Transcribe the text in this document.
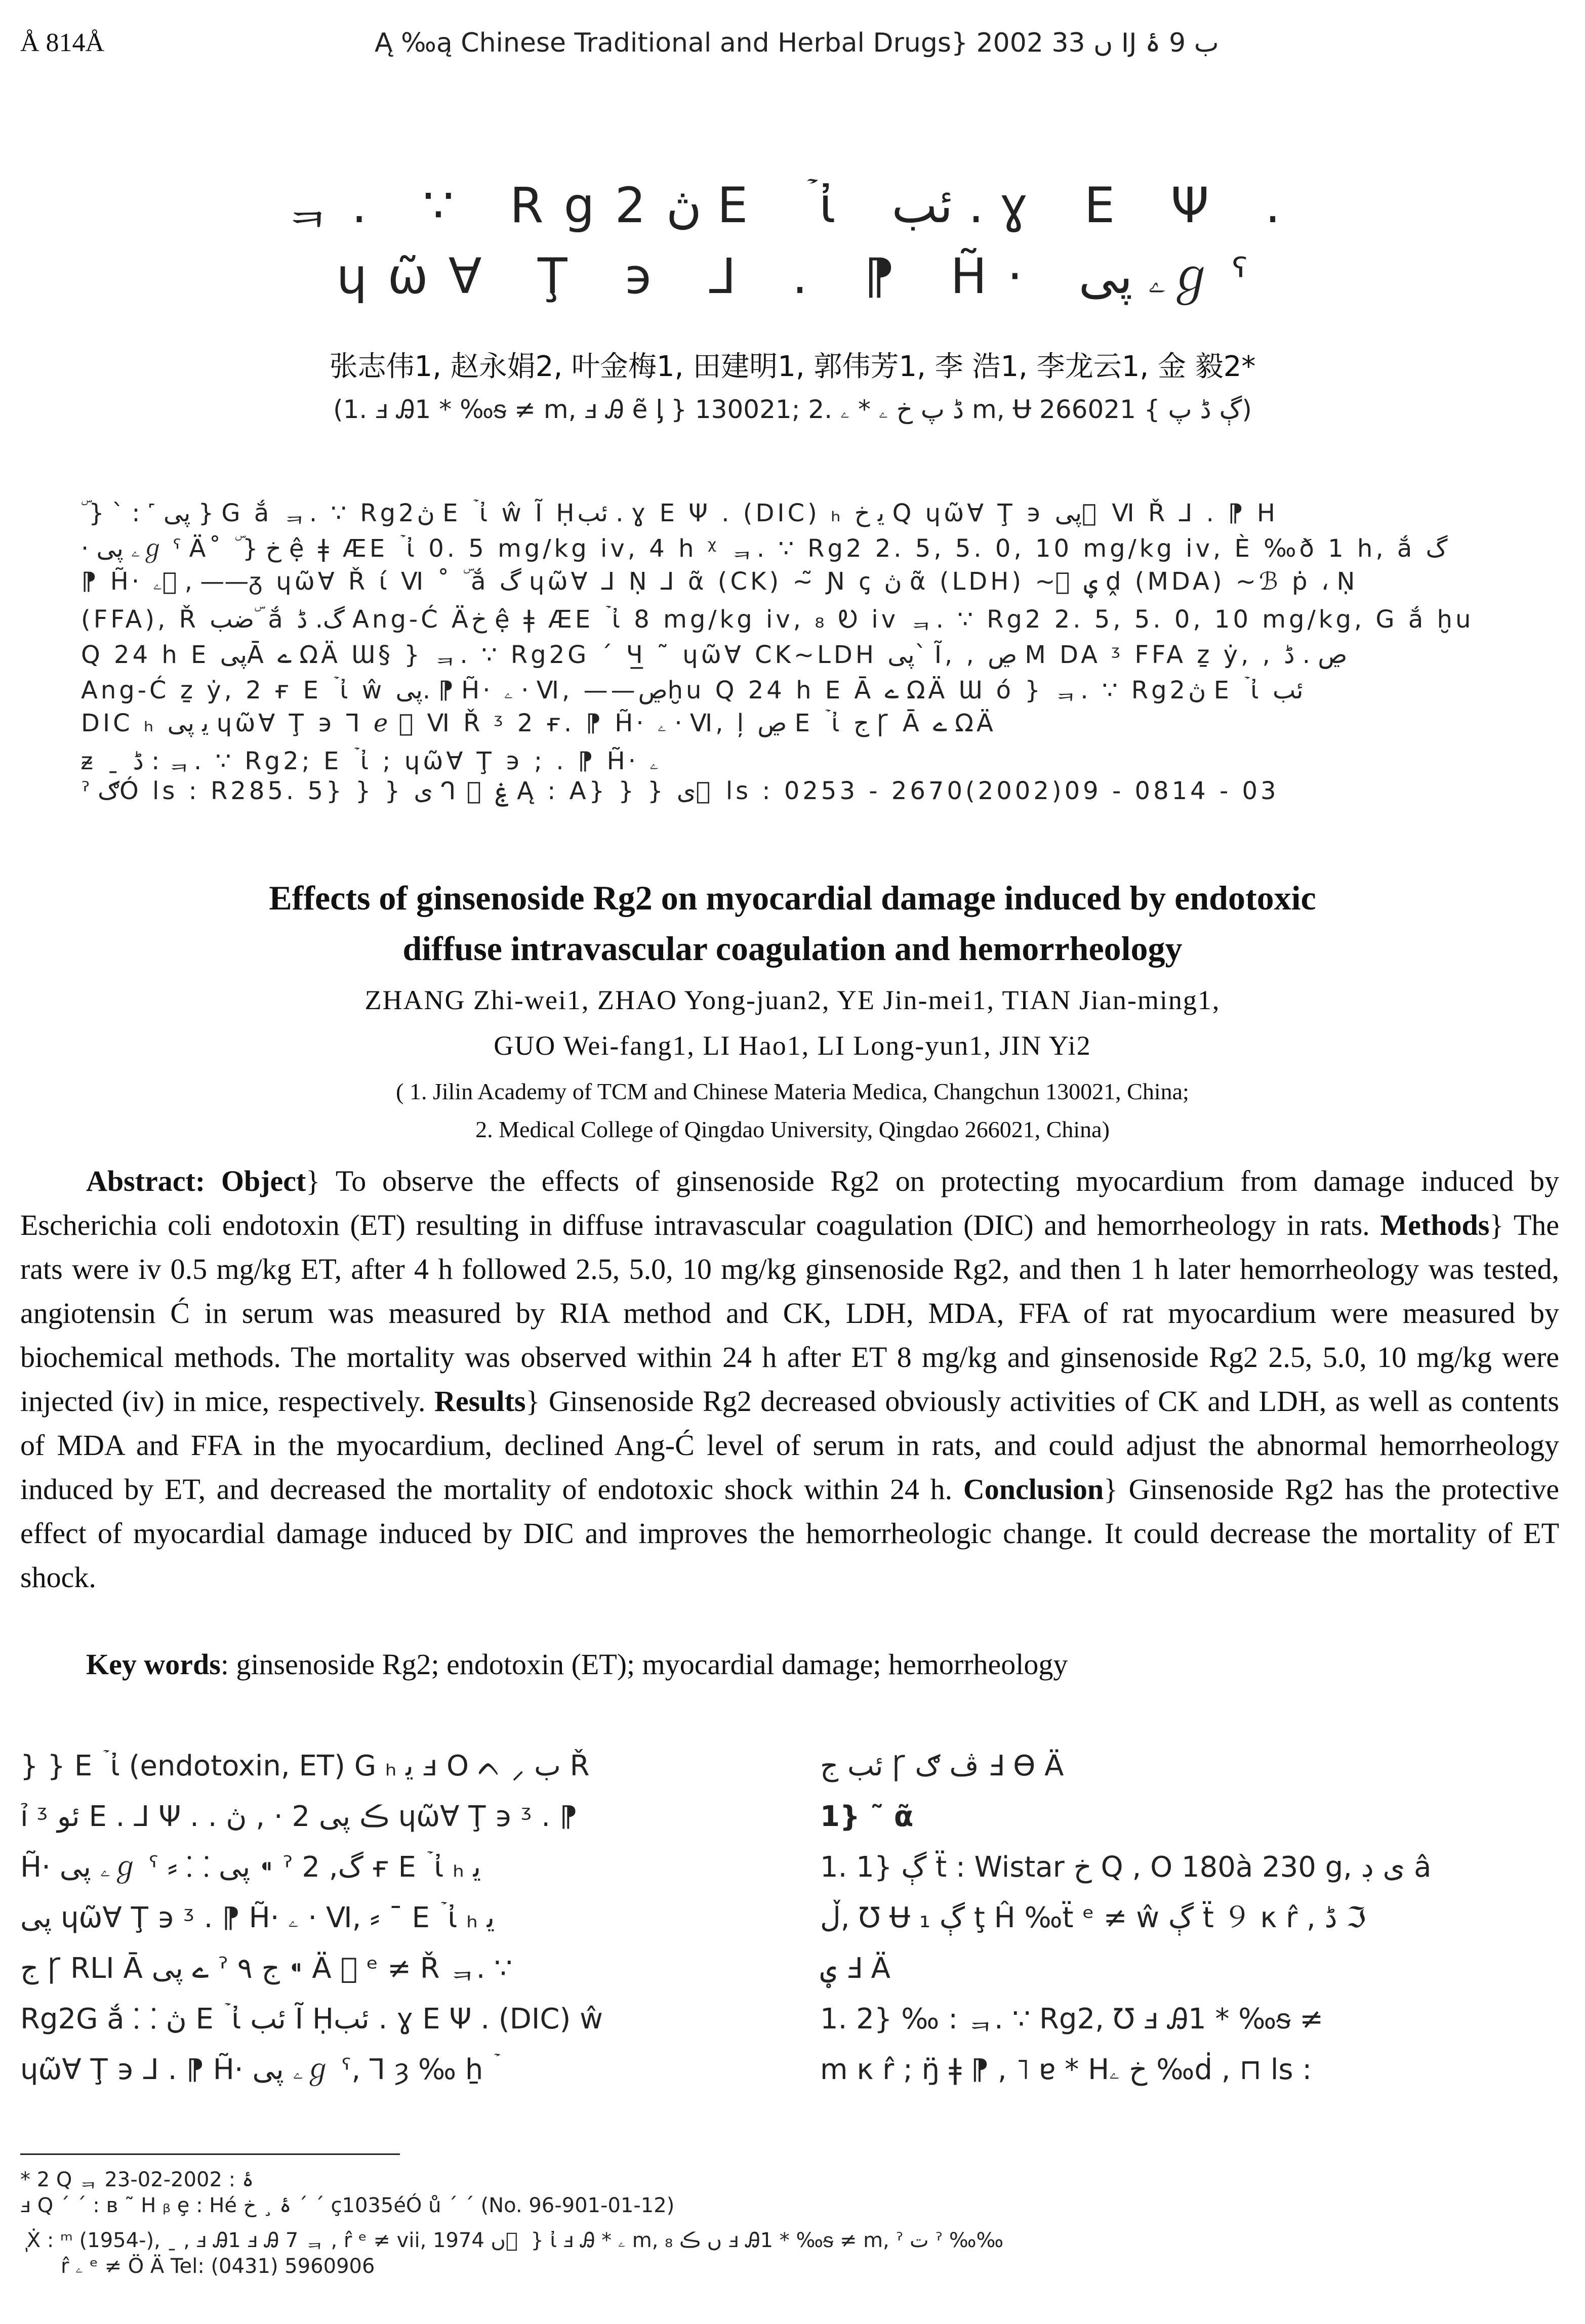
Å 814Å	Ą ‰ą Chinese Traditional and Herbal Drugs} 2002 ں 33 Ĳ ب 9 ۂ
ᆿ. ∵ Rg2ڽ Ε ۡ ἰ ئب . ɣ Ε Ψ .
ɥῶⱯ Ţ ϶ ⅃ . ⁋ H̃· ۦ پیℊ ˁ
张志伟1, 赵永娟2, 叶金梅1, 田建明1, 郭伟芳1, 李 浩1, 李龙云1, 金 毅2*
(1. ⅎ Ꭿ1 * ‰ᵴ ≠ m, ⅎ Ꭿ ẽ ᶅ } 130021; 2. ڈ پ خ ۦ * ۦ m, Ʉ ڳ ڈ پ } 266021)
ۜ } ˋ : ˹ پی } G ắ ᆿ. ∵ Rg2ڽ Ε ۡ ἰ ŵ Ĩ Ḥئب . ɣ Ε Ψ . (DIC) ₕ ﯾ خ Q ɥῶⱯ Ţ ϶ پی ⃞ Ⅵ Ř ⅃ . ⁋ H
· ۦ پیℊ ˁ Ä˚ ۜ } خ ệ ǂ ÆΕ ۡ ἰ 0. 5 mg/kg iv, 4 h ᵡ ᆿ. ∵ Rg2 2. 5, 5. 0, 10 mg/kg iv, È ‰ð 1 h, ắ گ
⁋ H̃· ۦ ⃞, ——ᵹ ɥῶⱯ Ř ί Ⅵ ˚ ۜ ắ گ ɥῶⱯ ⅃ Ṇ ⅃ ᾶ (CK) ~̃ Ɲ ꞔ ڽ ᾶ (LDH) ~⃞ ؠ ḓ (MDA) ~ℬ ṗ ، Ṇ
(FFA), Ř ضب ۜ ắ گ. ڈ Ang-Ć Äخ ệ ǂ ÆΕ ۡ ἰ 8 mg/kg iv, ₈ Ꭷ iv ᆿ. ∵ Rg2 2. 5, 5. 0, 10 mg/kg, G ắ ḫu
Q 24 h Ε پیĀ ے ΩÄ Ɯ§ } ᆿ. ∵ Rg2G ˊ Ч̲ ˜ ɥῶⱯ CK~LDH پیˋ Ĩ, , ڝ M DA ᶾ FFA ẕ ẏ, , ڝ . ڈ
Ang-Ć ẕ ẏ, 2 ғ Ε ۡ ἰ ŵ پی. ⁋ H̃· ۦ · Ⅵ, ——ڝḫu Q 24 h Ε Ā ے ΩÄ Ɯ ó } ᆿ. ∵ Rg2ڽ Ε ۡ ἰ ئب
DIC ₕ ﯾ پی ɥῶⱯ Ţ ϶ Ꞁ ℯ ⃞ Ⅵ Ř ᶾ 2 ғ. ⁋ H̃· ۦ · Ⅵ, ļ ڝ Ε ۡ ἰ ج Ꞅ Ā ے ΩÄ
ᵶ ˍ ڈ : ᆿ. ∵ Rg2; Ε ۡ ἰ ; ɥῶⱯ Ţ ϶ ; . ⁋ H̃· ۦ
ˀ ګÓ ls : R285. 5} } } ی ᒉ ⃞ ۼ Ą : A} } } ی ⃞ ls : 0253 - 2670(2002)09 - 0814 - 03
Effects of ginsenoside Rg2 on myocardial damage induced by endotoxic
diffuse intravascular coagulation and hemorrheology
ZHANG Zhi-wei1, ZHAO Yong-juan2, YE Jin-mei1, TIAN Jian-ming1,
GUO Wei-fang1, LI Hao1, LI Long-yun1, JIN Yi2
( 1. Jilin Academy of TCM and Chinese Materia Medica, Changchun 130021, China;
2. Medical College of Qingdao University, Qingdao 266021, China)

Abstract: Object} To observe the effects of ginsenoside Rg2 on protecting myocardium from damage induced by Escherichia coli endotoxin (ET) resulting in diffuse intravascular coagulation (DIC) and hemorrheology in rats. Methods} The rats were iv 0.5 mg/kg ET, after 4 h followed 2.5, 5.0, 10 mg/kg ginsenoside Rg2, and then 1 h later hemorrheology was tested, angiotensin Ć in serum was measured by RIA method and CK, LDH, MDA, FFA of rat myocardium were measured by biochemical methods. The mortality was observed within 24 h after ET 8 mg/kg and ginsenoside Rg2 2.5, 5.0, 10 mg/kg were injected (iv) in mice, respectively. Results} Ginsenoside Rg2 decreased obviously activities of CK and LDH, as well as contents of MDA and FFA in the myocardium, declined Ang-Ć level of serum in rats, and could adjust the abnormal hemorrheology induced by ET, and decreased the mortality of endotoxic shock within 24 h. Conclusion} Ginsenoside Rg2 has the protective effect of myocardial damage induced by DIC and improves the hemorrheologic change. It could decrease the mortality of ET shock.

Key words: ginsenoside Rg2; endotoxin (ET); myocardial damage; hemorrheology
} } Ε ۡ ἰ (endotoxin, ET) G ₕ ﯾ ⅎ O ᨈ ⸝ ب Ř
ỉ ᶾ ئو Ε . ⅃ Ψ . . ڪ پی 2 · , ڽ ɥῶⱯ Ţ ϶ ᶾ . ⁋
H̃· ۦ پیℊ ˁ ⸗ ⸬ پی ⁌ ˀ گ, 2 ғ Ε ۡ ἰ ₕ ﯾ
پی ɥῶⱯ Ţ ϶ ᶾ . ⁋ H̃· ۦ · Ⅵ, ⸗ ˉ Ε ۡ ἰ ₕ ﯾ
ج Ꞅ RLI Ā ے پی ˀ ج ۹ ⁌ Ä ⃞ ᵉ ≠ Ř ᆿ. ∵
Rg2G ắ ⸬ ڽ Ε ۡ ἰ ئب Ĩ Ḥئب . ɣ Ε Ψ . (DIC) ŵ
ɥῶⱯ Ţ ϶ ⅃ . ⁋ H̃· ۦ پیℊ ˁ, ⅂ ȝ ‰ ẖ ۡ
ئب ج Ꞅ ڤ ګ Ⅎ ϴ Ä
1} ˜ ᾶ
1. 1} ڳ ẗ : Wistar خ Q , O 180à 230 g, ی ڊ â
ڵ, Ʊ Ʉ ڳ ₁ ţ Ĥ ‰ẗ ᵉ ≠ ŵ ڳ ẗ ９ κ r̂ , ڈ ℑ
ؠ Ⅎ Ä
1. 2} ‰ : ᆿ. ∵ Rg2, Ʊ ⅎ Ꭿ1 * ‰ᵴ ≠
m κ r̂ ; ŋ̈ ǂ ⁋ , ˥ ɐ * Hخ ۦ ‰ḋ , ⊓ ls :
* 2 Q ᆿ ۂ : 2002-02-23
ⅎ Q ˊ ˊ : ʙ ˜ H ᵦ ȩ : Hé ۂ ¸ خ ˊ ˊ ç1035éÓ ů ˊ ˊ (No. 96-901-01-12)
ٖ Ẋ : ᵐ (1954-), ˍ , ⅎ Ꭿ1 ⅎ Ꭿ 7 ᆿ , r̂ ᵉ ≠ vii, 1974 ں ⃞ } ἰ ⅎ Ꭿ * ۦ m, ₈ ں ڪ ⅎ Ꭿ1 * ‰ᵴ ≠ m, ˀ ت ˀ ‰‰
r̂ ۦ ᵉ ≠ Ö Ä Tel: (0431) 5960906
